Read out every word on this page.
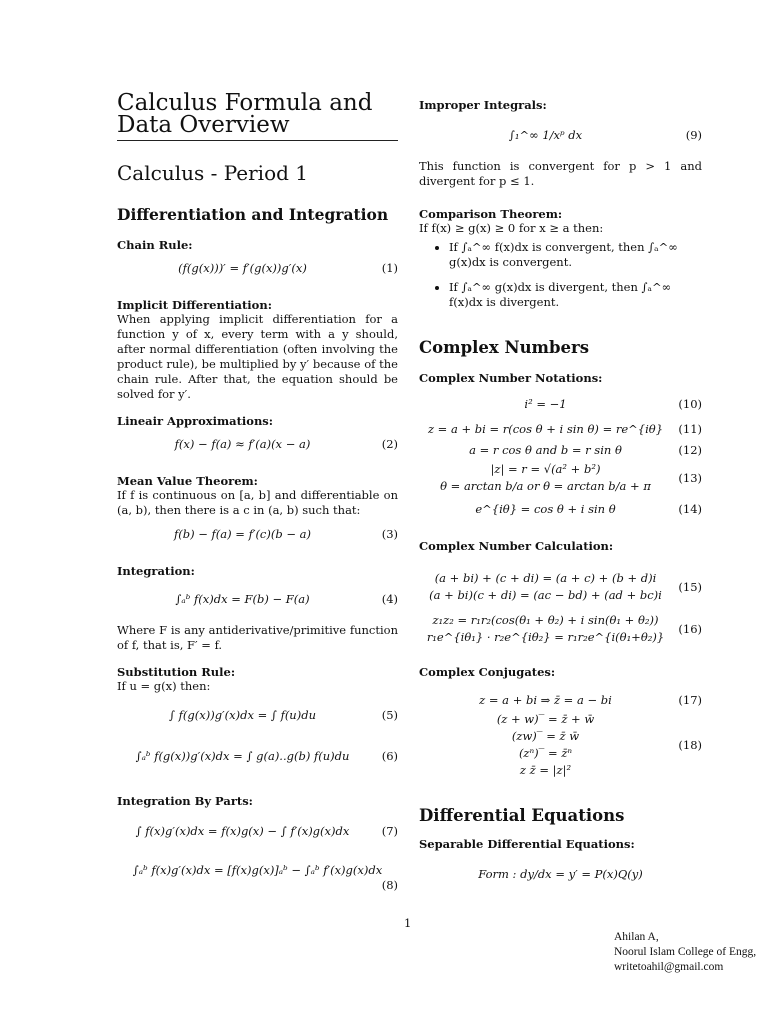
Calculus Formula and
Data Overview
Calculus - Period 1
Differentiation and Integration
Chain Rule:
(f(g(x)))′ = f′(g(x))g′(x)	(1)
Implicit Differentiation:

When applying implicit differentiation for a function y of x, every term with a y should, after normal differentiation (often involving the product rule), be multiplied by y′ because of the chain rule. After that, the equation should be solved for y′.

Lineair Approximations:
f(x) − f(a) ≈ f′(a)(x − a)	(2)
Mean Value Theorem:

If f is continuous on [a, b] and differentiable on (a, b), then there is a c in (a, b) such that:

f(b) − f(a) = f′(c)(b − a)	(3)
Integration:
∫ₐᵇ f(x)dx = F(b) − F(a)	(4)

Where F is any antiderivative/primitive function of f, that is, F′ = f.

Substitution Rule:

If u = g(x) then:

∫ f(g(x))g′(x)dx = ∫ f(u)du	(5)
∫ₐᵇ f(g(x))g′(x)dx = ∫ g(a)..g(b) f(u)du	(6)
Integration By Parts:
∫ f(x)g′(x)dx = f(x)g(x) − ∫ f′(x)g(x)dx	(7)
∫ₐᵇ f(x)g′(x)dx = [f(x)g(x)]ₐᵇ − ∫ₐᵇ f′(x)g(x)dx
(8)
Improper Integrals:
∫₁^∞ 1/xᵖ dx	(9)

This function is convergent for p > 1 and divergent for p ≤ 1.

Comparison Theorem:

If f(x) ≥ g(x) ≥ 0 for x ≥ a then:

• If ∫ₐ^∞ f(x)dx is convergent, then ∫ₐ^∞ g(x)dx is convergent.
• If ∫ₐ^∞ g(x)dx is divergent, then ∫ₐ^∞ f(x)dx is divergent.
Complex Numbers
Complex Number Notations:
i² = −1	(10)
z = a + bi = r(cos θ + i sin θ) = re^{iθ}	(11)
a = r cos θ and b = r sin θ	(12)
|z| = r = √(a² + b²)
θ = arctan b/a or θ = arctan b/a + π
(13)
e^{iθ} = cos θ + i sin θ	(14)
Complex Number Calculation:
(a + bi) + (c + di) = (a + c) + (b + d)i
(a + bi)(c + di) = (ac − bd) + (ad + bc)i
(15)
z₁z₂ = r₁r₂(cos(θ₁ + θ₂) + i sin(θ₁ + θ₂))
r₁e^{iθ₁} · r₂e^{iθ₂} = r₁r₂e^{i(θ₁+θ₂)}
(16)
Complex Conjugates:
z = a + bi ⇒ z̄ = a − bi	(17)
(z + w)‾ = z̄ + w̄
(zw)‾ = z̄ w̄
(zⁿ)‾ = z̄ⁿ
z z̄ = |z|²
(18)
Differential Equations
Separable Differential Equations:
Form : dy/dx = y′ = P(x)Q(y)
1
Ahilan A,
Noorul Islam College of Engg,
writetoahil@gmail.com
